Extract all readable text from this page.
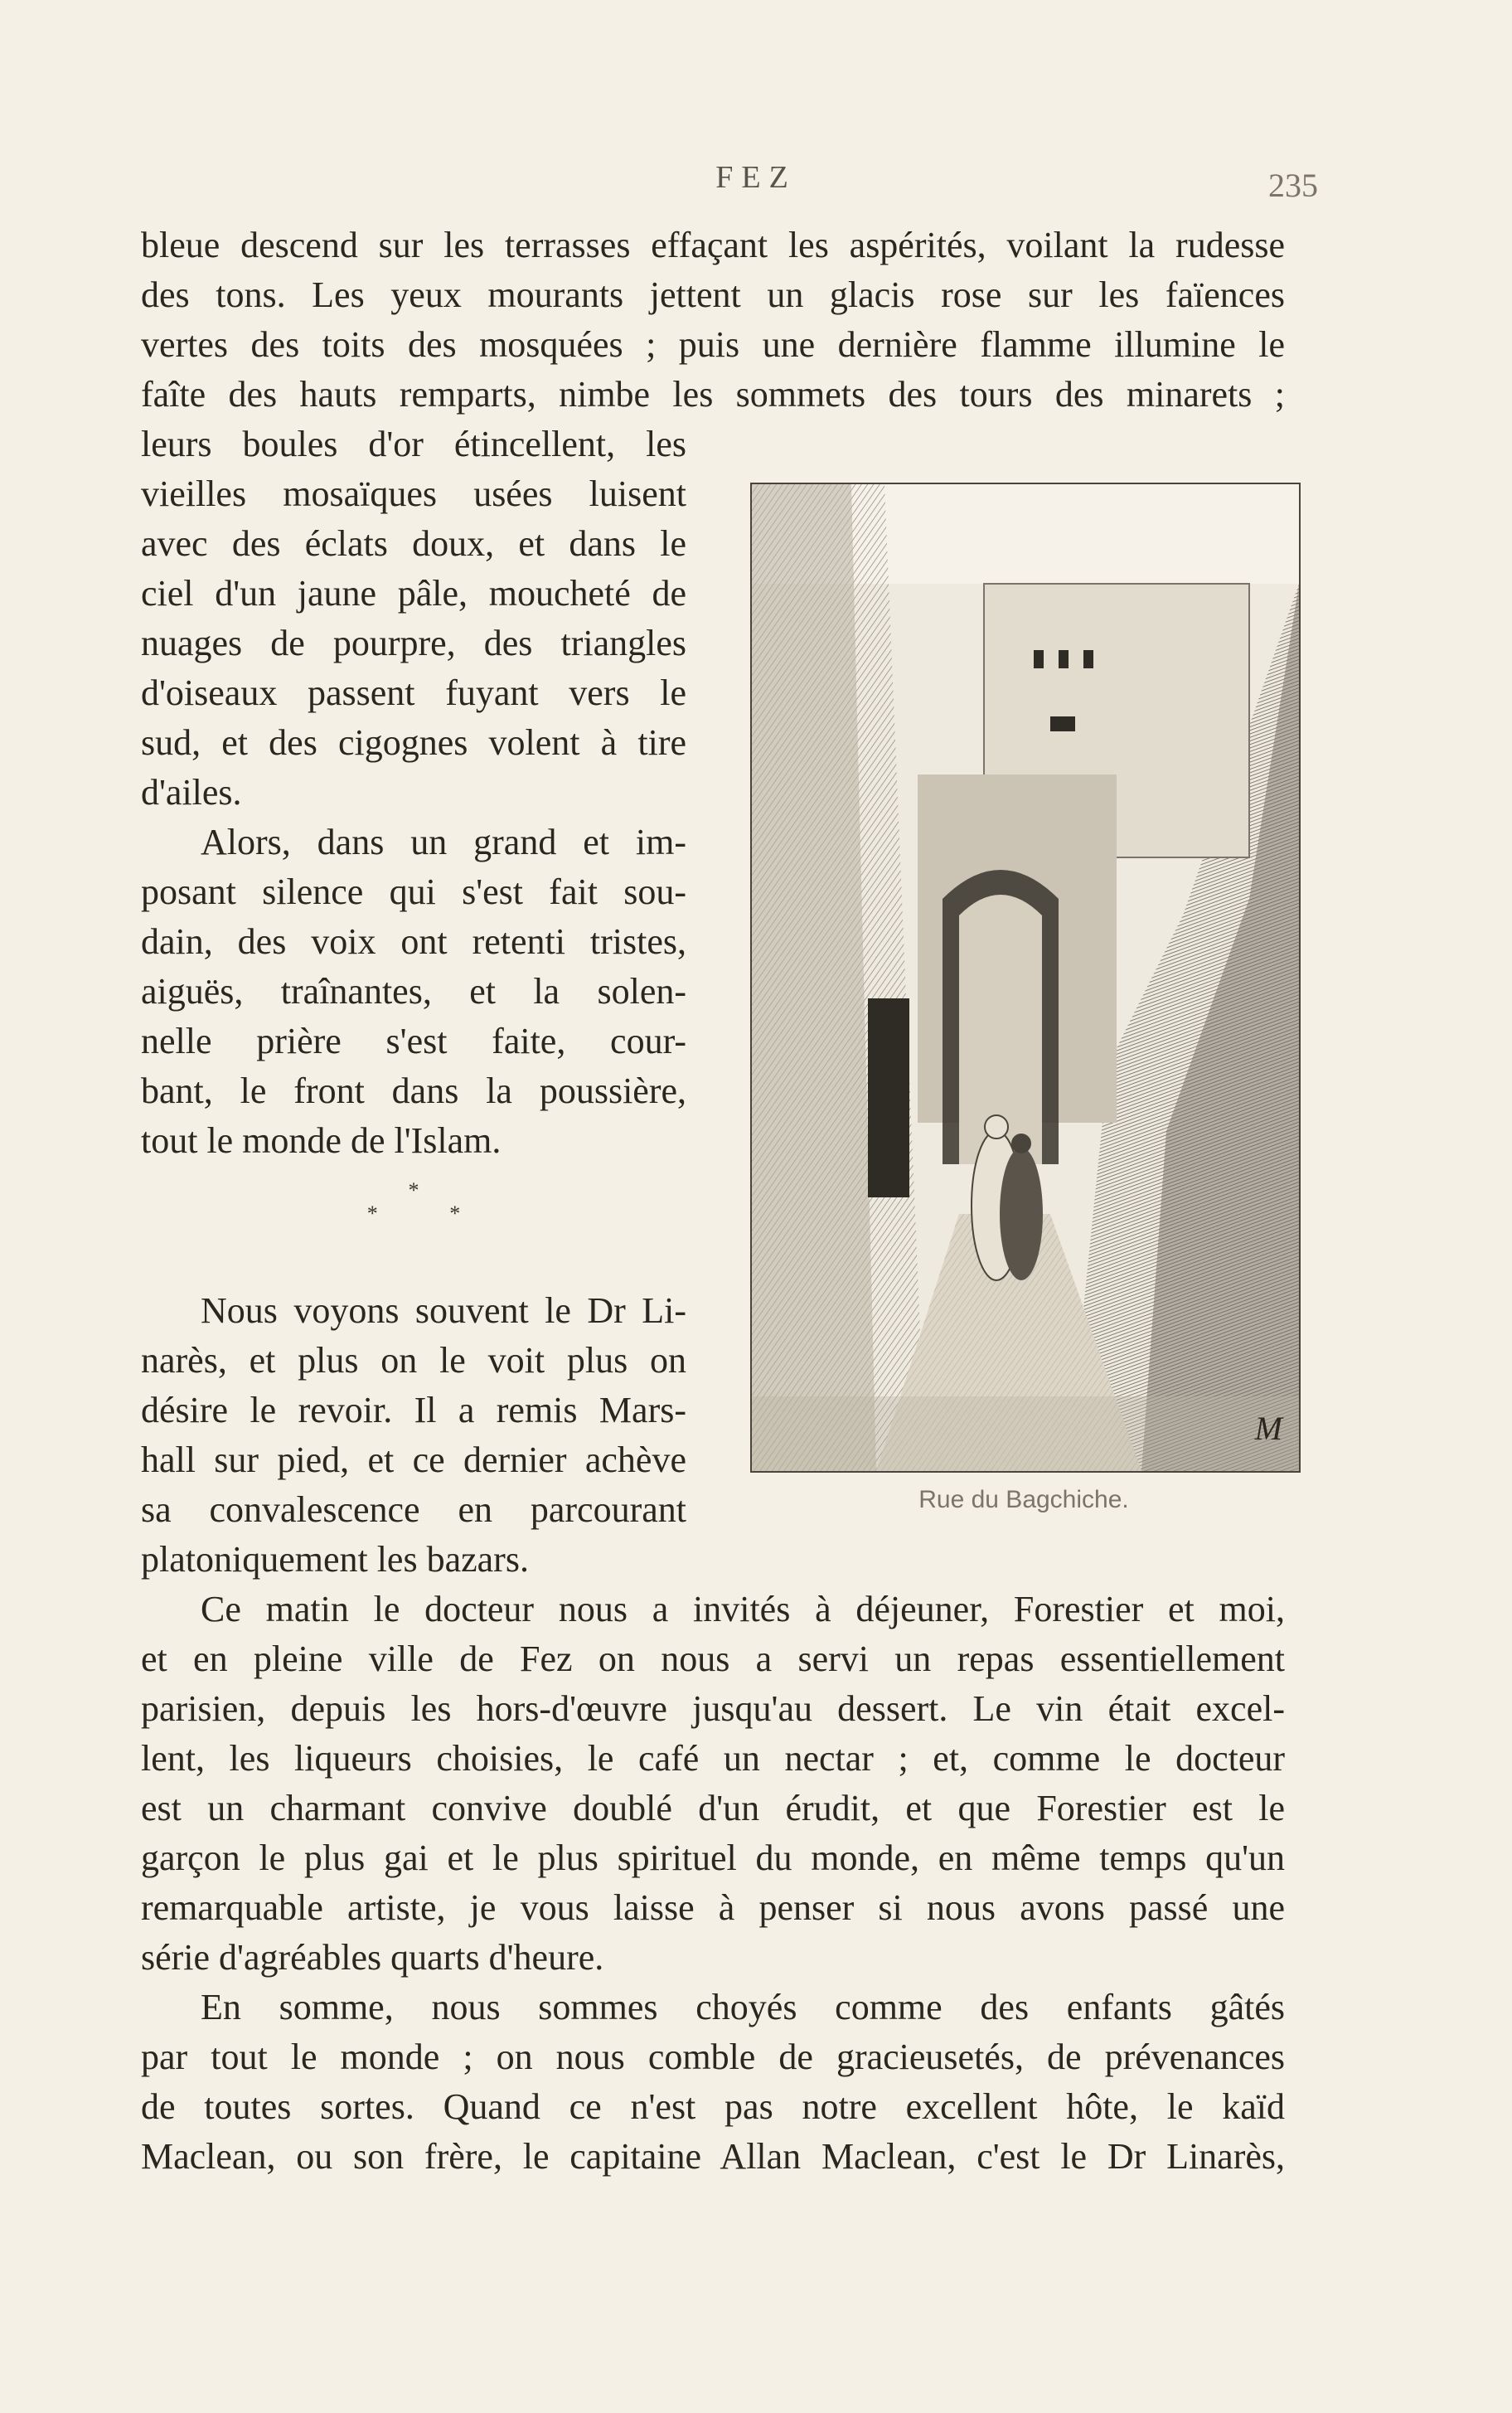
FEZ	235
bleue descend sur les terrasses effaçant les aspérités, voilant la rudesse
des tons. Les yeux mourants jettent un glacis rose sur les faïences
vertes des toits des mosquées ; puis une dernière flamme illumine le
faîte des hauts remparts, nimbe les sommets des tours des minarets ;
leurs boules d'or étincellent, les
vieilles mosaïques usées luisent
avec des éclats doux, et dans le
ciel d'un jaune pâle, moucheté de
nuages de pourpre, des triangles
d'oiseaux passent fuyant vers le
sud, et des cigognes volent à tire
d'ailes.
Alors, dans un grand et im-
posant silence qui s'est fait sou-
dain, des voix ont retenti tristes,
aiguës, traînantes, et la solen-
nelle prière s'est faite, cour-
bant, le front dans la poussière,
tout le monde de l'Islam.
*
* *
Nous voyons souvent le Dr Li-
narès, et plus on le voit plus on
désire le revoir. Il a remis Mars-
hall sur pied, et ce dernier achève
sa convalescence en parcourant
platoniquement les bazars.
Ce matin le docteur nous a invités à déjeuner, Forestier et moi,
et en pleine ville de Fez on nous a servi un repas essentiellement
parisien, depuis les hors-d'œuvre jusqu'au dessert. Le vin était excel-
lent, les liqueurs choisies, le café un nectar ; et, comme le docteur
est un charmant convive doublé d'un érudit, et que Forestier est le
garçon le plus gai et le plus spirituel du monde, en même temps qu'un
remarquable artiste, je vous laisse à penser si nous avons passé une
série d'agréables quarts d'heure.
En somme, nous sommes choyés comme des enfants gâtés
par tout le monde ; on nous comble de gracieusetés, de prévenances
de toutes sortes. Quand ce n'est pas notre excellent hôte, le kaïd
Maclean, ou son frère, le capitaine Allan Maclean, c'est le Dr Linarès,
M
Rue du Bagchiche.
